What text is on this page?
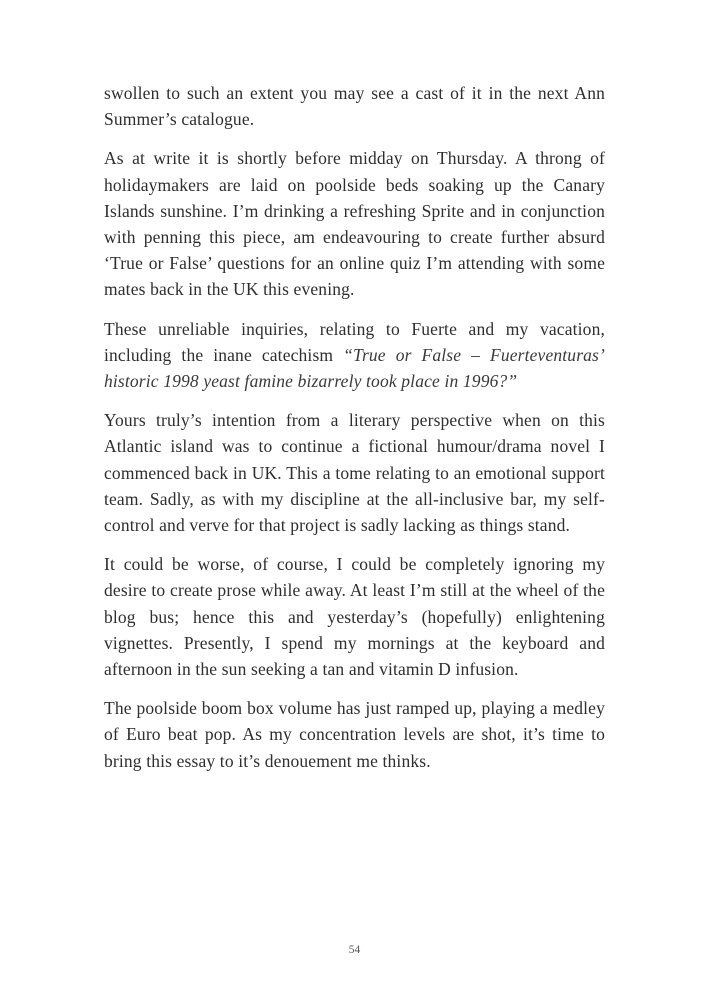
swollen to such an extent you may see a cast of it in the next Ann Summer’s catalogue.

As at write it is shortly before midday on Thursday. A throng of holidaymakers are laid on poolside beds soaking up the Canary Islands sunshine. I’m drinking a refreshing Sprite and in conjunction with penning this piece, am endeavouring to create further absurd ‘True or False’ questions for an online quiz I’m attending with some mates back in the UK this evening.

These unreliable inquiries, relating to Fuerte and my vacation, including the inane catechism “True or False – Fuerteventuras’ historic 1998 yeast famine bizarrely took place in 1996?”

Yours truly’s intention from a literary perspective when on this Atlantic island was to continue a fictional humour/drama novel I commenced back in UK. This a tome relating to an emotional support team. Sadly, as with my discipline at the all-inclusive bar, my self-control and verve for that project is sadly lacking as things stand.

It could be worse, of course, I could be completely ignoring my desire to create prose while away. At least I’m still at the wheel of the blog bus; hence this and yesterday’s (hopefully) enlightening vignettes. Presently, I spend my mornings at the keyboard and afternoon in the sun seeking a tan and vitamin D infusion.

The poolside boom box volume has just ramped up, playing a medley of Euro beat pop. As my concentration levels are shot, it’s time to bring this essay to it’s denouement me thinks.

54
